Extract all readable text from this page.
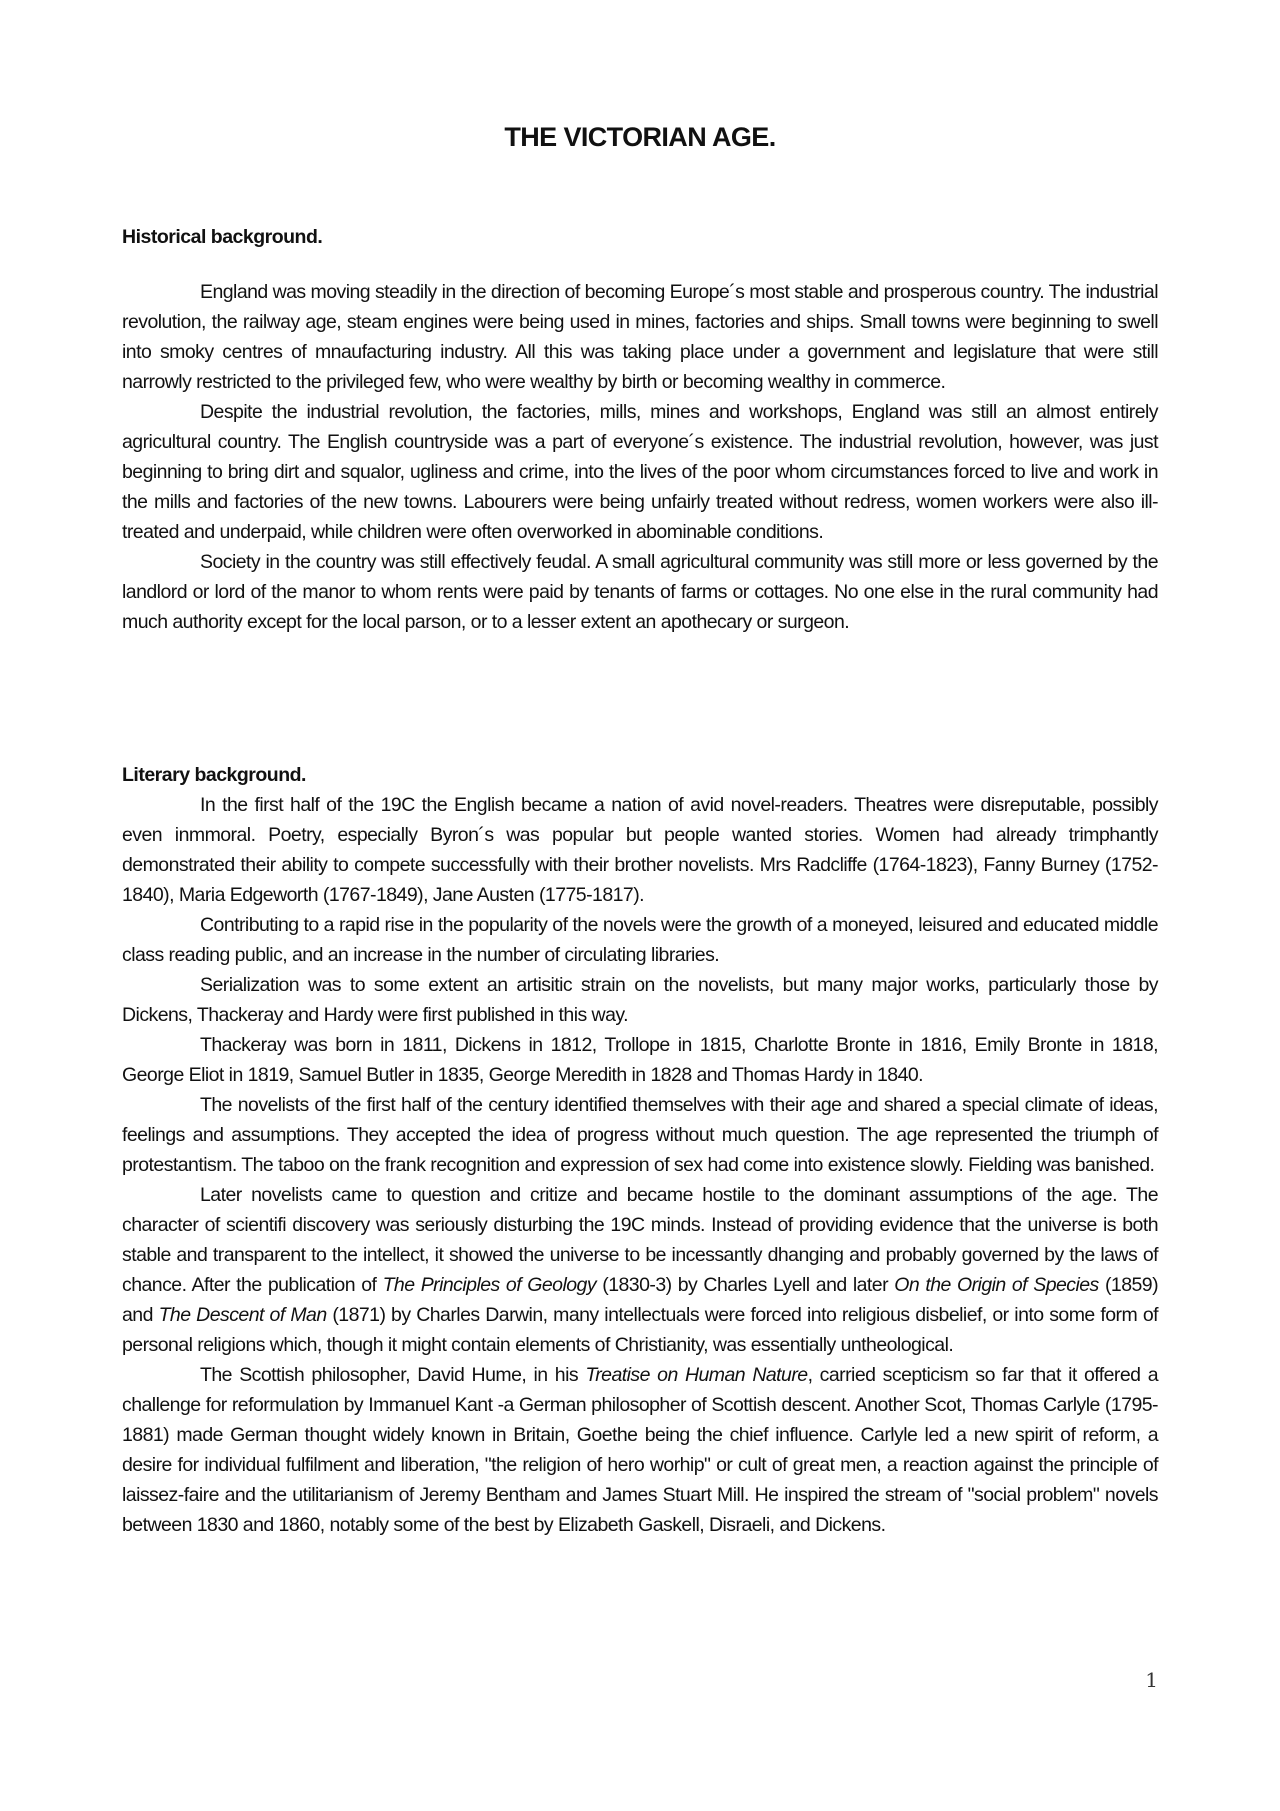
THE VICTORIAN AGE.
Historical background.

England was moving steadily in the direction of becoming Europe´s most stable and prosperous country. The industrial revolution, the railway age, steam engines were being used in mines, factories and ships. Small towns were beginning to swell into smoky centres of mnaufacturing industry. All this was taking place under a government and legislature that were still narrowly restricted to the privileged few, who were wealthy by birth or becoming wealthy in commerce.

Despite the industrial revolution, the factories, mills, mines and workshops, England was still an almost entirely agricultural country. The English countryside was a part of everyone´s existence. The industrial revolution, however, was just beginning to bring dirt and squalor, ugliness and crime, into the lives of the poor whom circumstances forced to live and work in the mills and factories of the new towns. Labourers were being unfairly treated without redress, women workers were also ill-treated and underpaid, while children were often overworked in abominable conditions.

Society in the country was still effectively feudal. A small agricultural community was still more or less governed by the landlord or lord of the manor to whom rents were paid by tenants of farms or cottages. No one else in the rural community had much authority except for the local parson, or to a lesser extent an apothecary or surgeon.

Literary background.

In the first half of the 19C the English became a nation of avid novel-readers. Theatres were disreputable, possibly even inmmoral. Poetry, especially Byron´s was popular but people wanted stories. Women had already trimphantly demonstrated their ability to compete successfully with their brother novelists. Mrs Radcliffe (1764-1823), Fanny Burney (1752-1840), Maria Edgeworth (1767-1849), Jane Austen (1775-1817).

Contributing to a rapid rise in the popularity of the novels were the growth of a moneyed, leisured and educated middle class reading public, and an increase in the number of circulating libraries.

Serialization was to some extent an artisitic strain on the novelists, but many major works, particularly those by Dickens, Thackeray and Hardy were first published in this way.

Thackeray was born in 1811, Dickens in 1812, Trollope in 1815, Charlotte Bronte in 1816, Emily Bronte in 1818, George Eliot in 1819, Samuel Butler in 1835, George Meredith in 1828 and Thomas Hardy in 1840.

The novelists of the first half of the century identified themselves with their age and shared a special climate of ideas, feelings and assumptions. They accepted the idea of progress without much question. The age represented the triumph of protestantism. The taboo on the frank recognition and expression of sex had come into existence slowly. Fielding was banished.

Later novelists came to question and critize and became hostile to the dominant assumptions of the age. The character of scientifi discovery was seriously disturbing the 19C minds. Instead of providing evidence that the universe is both stable and transparent to the intellect, it showed the universe to be incessantly dhanging and probably governed by the laws of chance. After the publication of The Principles of Geology (1830-3) by Charles Lyell and later On the Origin of Species (1859) and The Descent of Man (1871) by Charles Darwin, many intellectuals were forced into religious disbelief, or into some form of personal religions which, though it might contain elements of Christianity, was essentially untheological.

The Scottish philosopher, David Hume, in his Treatise on Human Nature, carried scepticism so far that it offered a challenge for reformulation by Immanuel Kant -a German philosopher of Scottish descent. Another Scot, Thomas Carlyle (1795-1881) made German thought widely known in Britain, Goethe being the chief influence. Carlyle led a new spirit of reform, a desire for individual fulfilment and liberation, "the religion of hero worhip" or cult of great men, a reaction against the principle of laissez-faire and the utilitarianism of Jeremy Bentham and James Stuart Mill. He inspired the stream of "social problem" novels between 1830 and 1860, notably some of the best by Elizabeth Gaskell, Disraeli, and Dickens.

1
